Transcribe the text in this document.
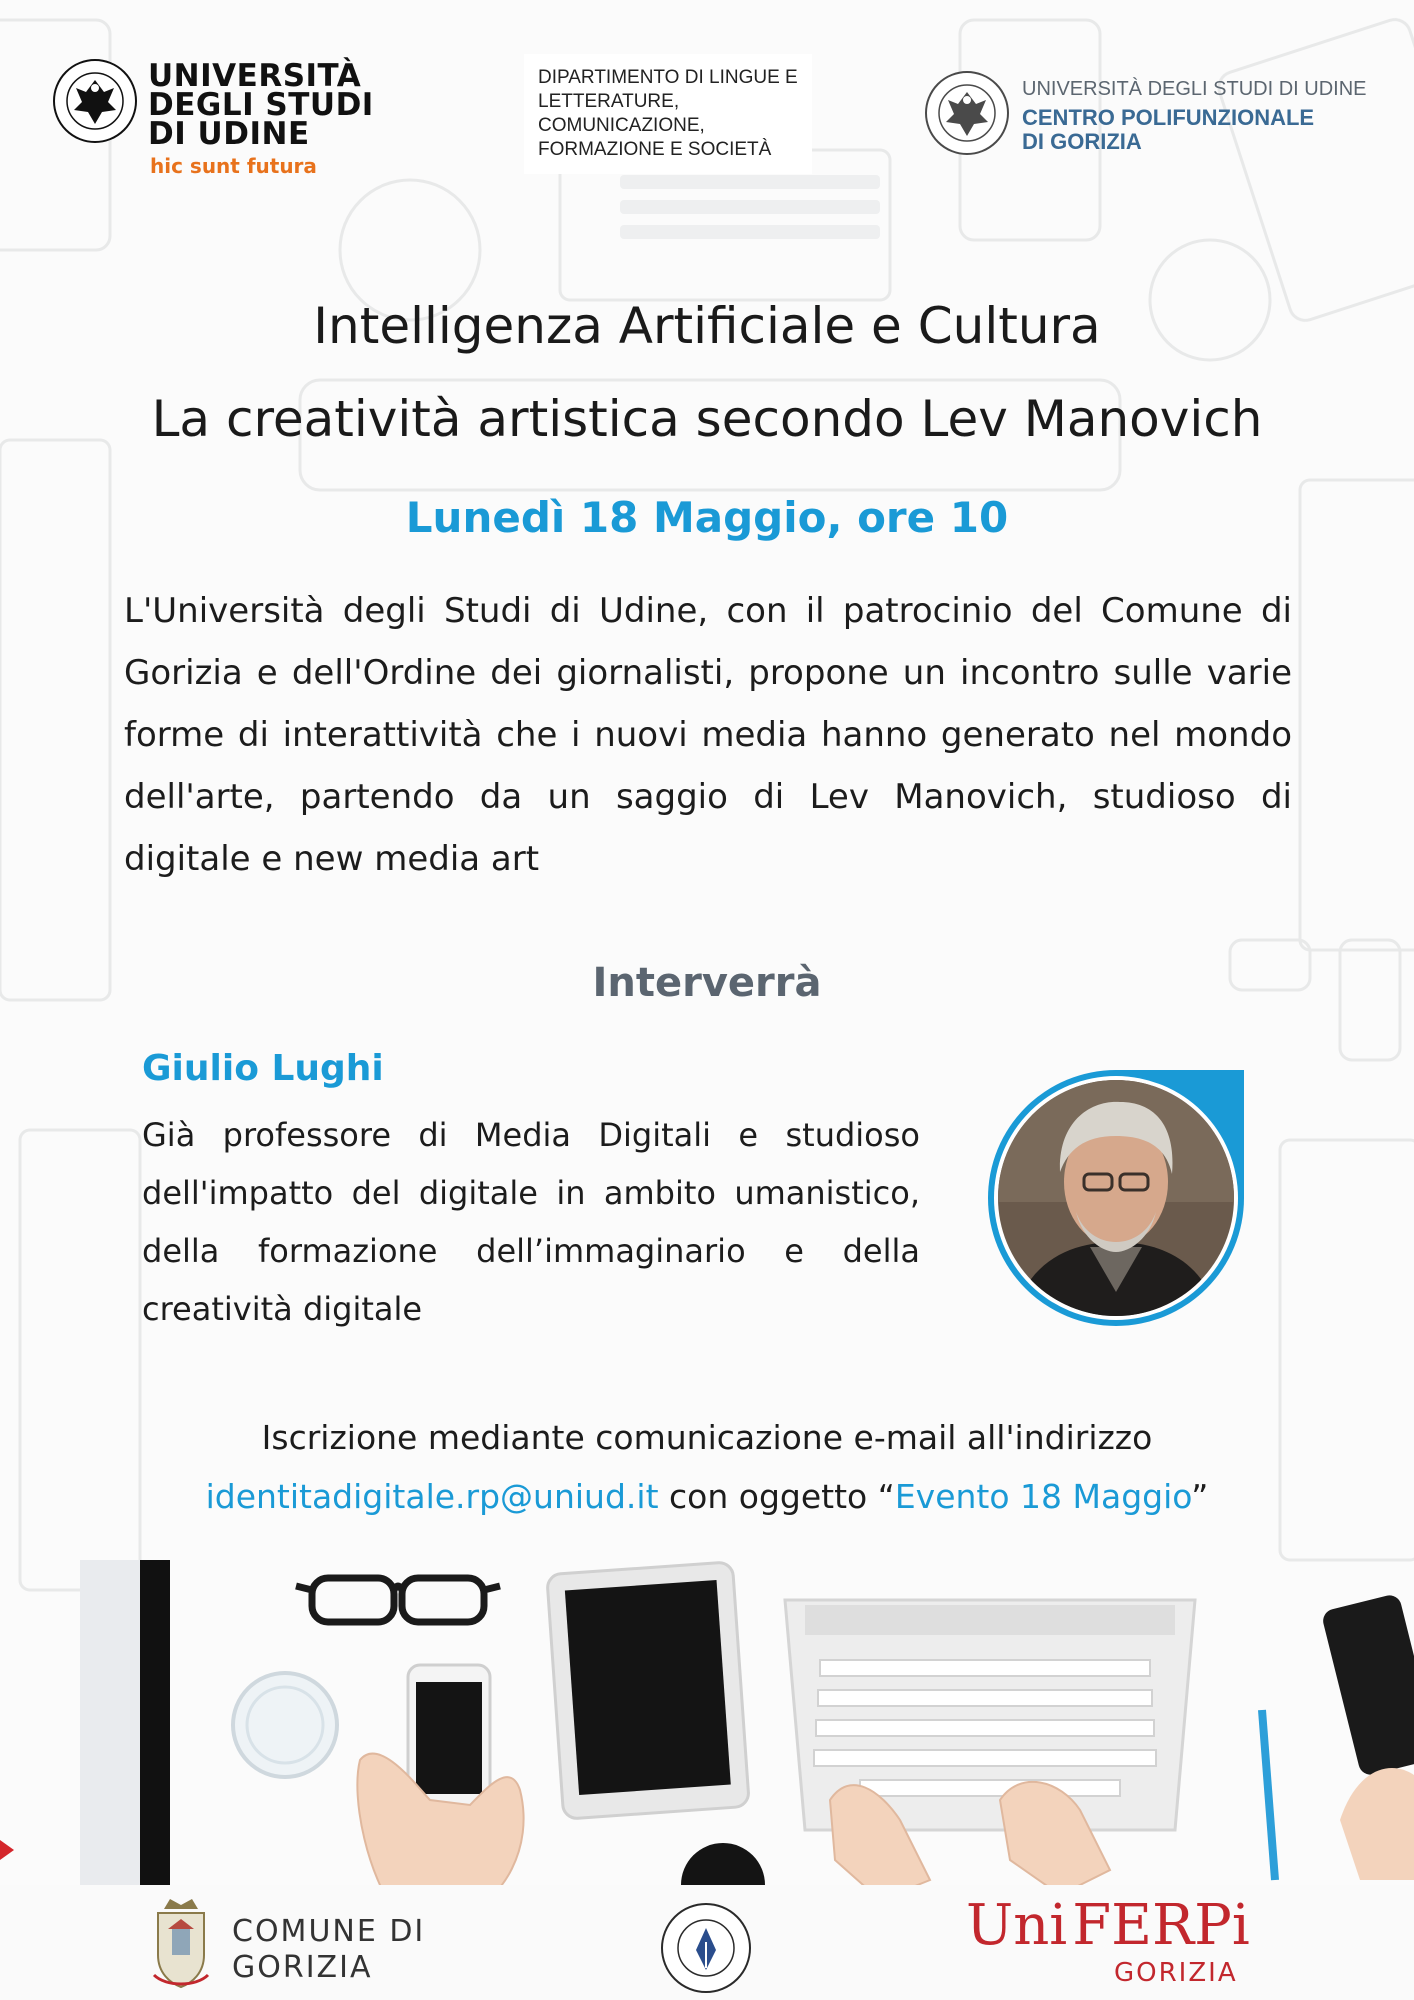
UNIVERSITÀ
DEGLI STUDI
DI UDINE
hic sunt futura
DIPARTIMENTO DI LINGUE E
LETTERATURE,
COMUNICAZIONE,
FORMAZIONE E SOCIETÀ
UNIVERSITÀ DEGLI STUDI DI UDINE
CENTRO POLIFUNZIONALE
DI GORIZIA
Intelligenza Artificiale e Cultura
La creatività artistica secondo Lev Manovich
Lunedì 18 Maggio, ore 10
L'Università degli Studi di Udine, con il patrocinio del Comune di Gorizia e dell'Ordine dei giornalisti, propone un incontro sulle varie forme di interattività che i nuovi media hanno generato nel mondo dell'arte, partendo da un saggio di Lev Manovich, studioso di digitale e new media art
Interverrà
Giulio Lughi
Già professore di Media Digitali e studioso dell'impatto del digitale in ambito umanistico, della formazione dell’immaginario e della creatività digitale
Iscrizione mediante comunicazione e-mail all'indirizzo
identitadigitale.rp@uniud.it con oggetto “Evento 18 Maggio”
COMUNE DI
GORIZIA
Uni FERPi
GORIZIA
